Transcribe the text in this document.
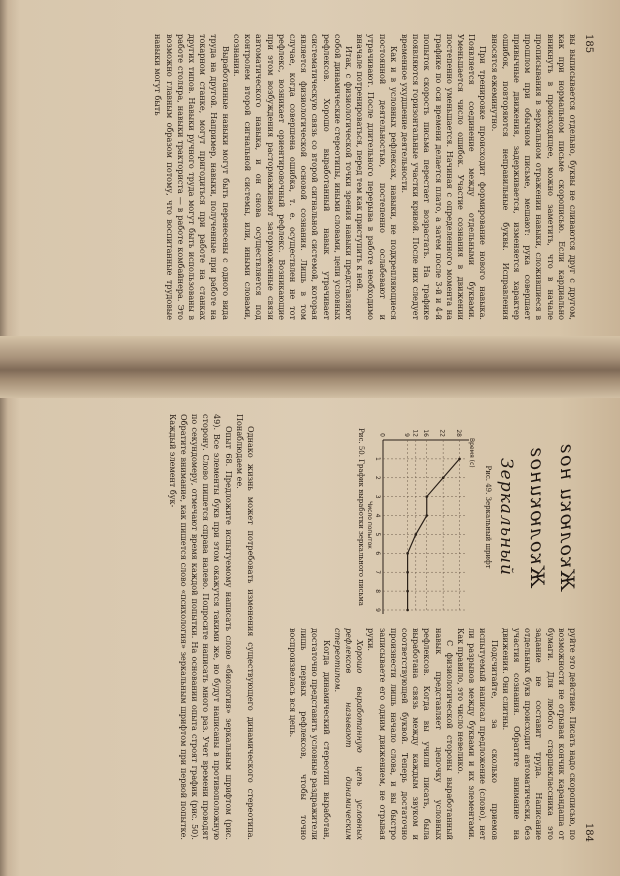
185

вы выписывается отдельно, буквы не сливаются друг с другом, как при нормальном письме скорописью. Если кардиально вникнуть в происходящее, можно заметить, что в начале прописывания в зеркальном отражении навыки, сложившиеся в прошлом при обычном письме, мешают: рука совершает привычные движения, задерживается, изменяется характер ошибок, повторяются неправильные буквы. Исправления вносятся ежеминутно.

При тренировке происходит формирование нового навыка. Появляется соединение между отдельными буквами. Уменьшается число ошибок. Участие сознания в движении постепенно уменьшается. Начиная с определенного момента на графике по оси времени делается плато, а затем после 3-й и 4-й попыток скорость письма перестает возрастать. На графике появляются горизонтальные участки кривой. После них следует временное ухудшение деятельности.

Как и в условных рефлексах, навыки, не подкрепляющиеся постоянной деятельностью, постепенно ослабевают и утрачивают. После длительного перерыва в работе необходимо вначале потренироваться, перед тем как приступить к ней.

Итак, с физиологической точки зрения навыки представляют собой динамические стереотипы, иными словами, цепи условных рефлексов. Хорошо выработанный навык утрачивает систематическую связь со второй сигнальной системой, которая является физиологической основой сознания. Лишь в том случае, когда совершена ошибка, т. е. осуществлен не тот рефлекс, возникает ориентировочный рефлекс. Возникающие при этом возбуждения растормаживают заторможенные связи автоматического навыка, и он снова осуществляется под контролем второй сигнальной системы, или, иными словами, сознания.

Выработанные навыки могут быть перенесены с одного вида труда на другой. Например, навыки, полученные при работе на токарном станке, могут пригодиться при работе на станках других типов. Навыки ручного труда могут быть использованы в работе столяра, навыки тракториста — в работе комбайнера. Это возможно главным образом потому, что воспитанные трудовые навыки могут быть

184
Жколюки ног
Жколюкиног
Зеркальный
Рис. 49. Зеркальный шрифт
28
22
16
12
9
0
1
2
3
4
5
6
7
8
9
Время (с)
Число попыток
Рис. 50. График выработки зеркального письма

руйте это действие. Писать надо скорописью, по возможности не отрывая кончик карандаша от бумаги. Для любого старшеклассника это задание не составит труда. Написание отдельных букв происходит автоматически, без участия сознания. Обратите внимание на движения. Они слитны.

Подсчитайте, за сколько приемов испытуемый написал предложение (слово), нет ли разрывов между буквами и их элементами. Как правило, это число невелико.

С физиологической стороны выработанный навык представляет цепочку условных рефлексов. Когда вы учили писать, была выработана связь между каждым звуком и соответствующей буквой. Теперь достаточно произнести лишь начало слова, и вы быстро записываете его одним движением, не отрывая руки.

Хорошо выработанную цепь условных рефлексов называют динамическим стереотипом.

Когда динамический стереотип выработан, достаточно представить условные раздражители лишь первых рефлексов, чтобы точно воспроизвелась вся цепь.

Однако жизнь может потребовать изменения существующего динамического стереотипа. Понаблюдаем ее.

Опыт 68. Предложите испытуемому написать слово «биология» зеркальным шрифтом (рис. 49). Все элементы букв при этом окажутся такими же, но будут написаны в противоположную сторону. Слово пишется справа налево. Попросите написать много раз. Учет времени проводят по секундомеру, отмечают время каждой попытки. На основании опыта строят график (рис. 50). Обратите внимание, как пишется слово «психология» зеркальным шрифтом при первой попытке. Каждый элемент бук-
